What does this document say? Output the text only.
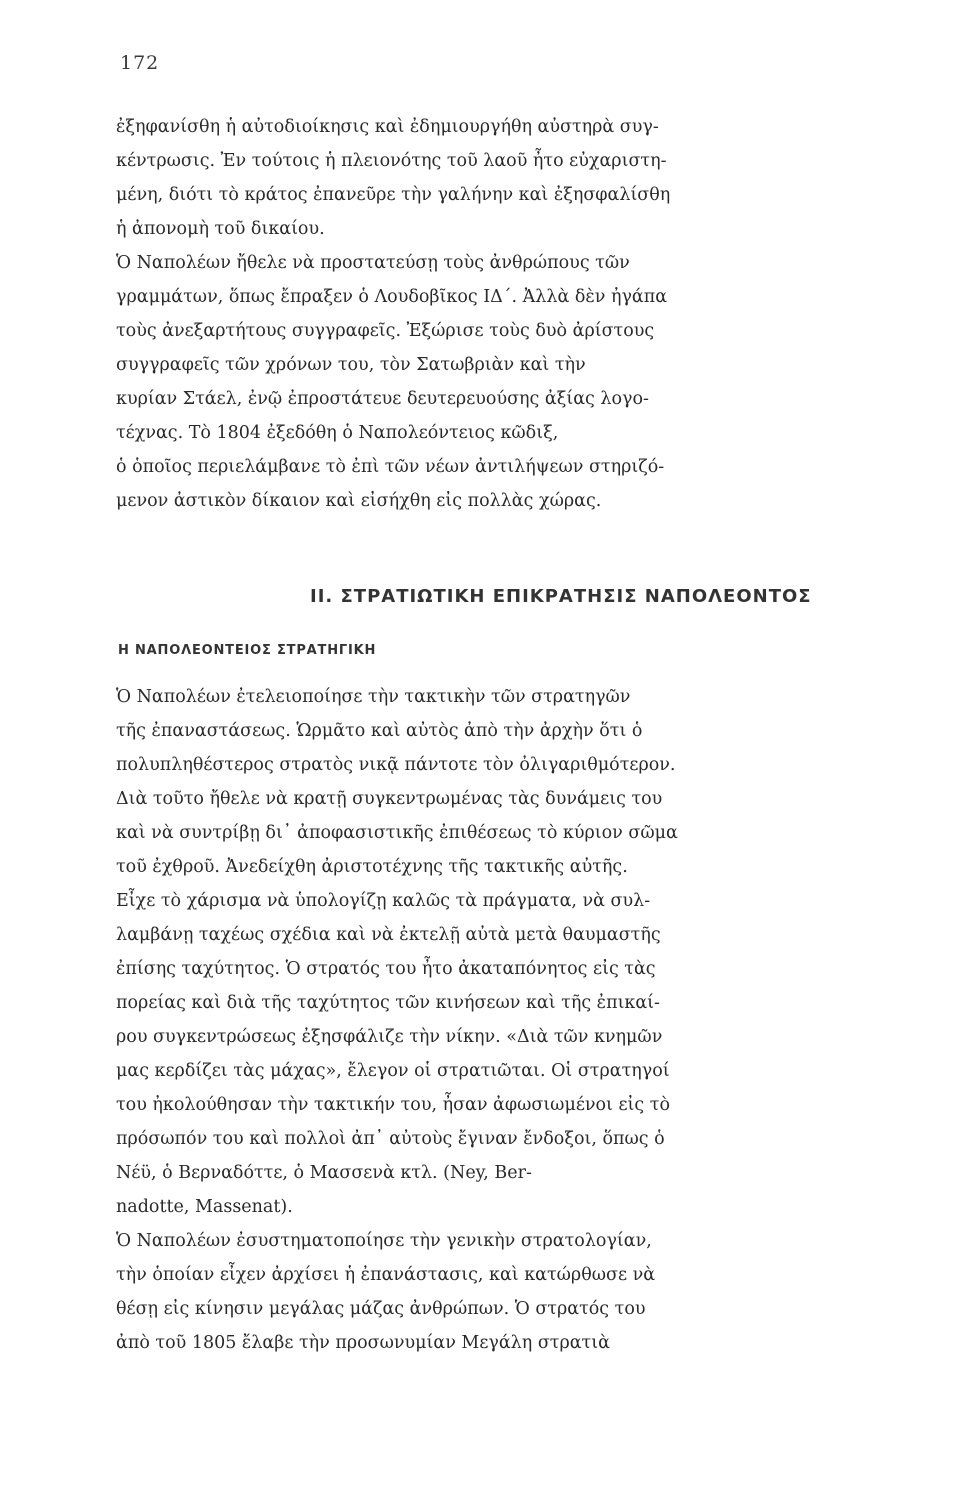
172
ἐξηφανίσθη ἡ αὐτοδιοίκησις καὶ ἐδημιουργήθη αὐστηρὰ συγ-
κέντρωσις. Ἐν τούτοις ἡ πλειονότης τοῦ λαοῦ ἦτο εὐχαριστη-
μένη, διότι τὸ κράτος ἐπανεῦρε τὴν γαλήνην καὶ ἐξησφαλίσθη
ἡ ἀπονομὴ τοῦ δικαίου.
Ὁ Ναπολέων ἤθελε νὰ προστατεύσῃ τοὺς ἀνθρώπους τῶν
γραμμάτων, ὅπως ἔπραξεν ὁ Λουδοβῖκος ΙΔ΄. Ἀλλὰ δὲν ἠγάπα
τοὺς ἀνεξαρτήτους συγγραφεῖς. Ἐξώρισε τοὺς δυὸ ἀρίστους
συγγραφεῖς τῶν χρόνων του, τὸν Σατωβριὰν καὶ τὴν
κυρίαν Στάελ, ἐνῷ ἐπροστάτευε δευτερευούσης ἀξίας λογο-
τέχνας. Τὸ 1804 ἐξεδόθη ὁ Ναπολεόντειος κῶδιξ,
ὁ ὁποῖος περιελάμβανε τὸ ἐπὶ τῶν νέων ἀντιλήψεων στηριζό-
μενον ἀστικὸν δίκαιον καὶ εἰσήχθη εἰς πολλὰς χώρας.
ΙΙ. ΣΤΡΑΤΙΩΤΙΚΗ ΕΠΙΚΡΑΤΗΣΙΣ ΝΑΠΟΛΕΟΝΤΟΣ
Η ΝΑΠΟΛΕΟΝΤΕΙΟΣ ΣΤΡΑΤΗΓΙΚΗ
Ὁ Ναπολέων ἐτελειοποίησε τὴν τακτικὴν τῶν στρατηγῶν
τῆς ἐπαναστάσεως. Ὡρμᾶτο καὶ αὐτὸς ἀπὸ τὴν ἀρχὴν ὅτι ὁ
πολυπληθέστερος στρατὸς νικᾷ πάντοτε τὸν ὀλιγαριθμότερον.
Διὰ τοῦτο ἤθελε νὰ κρατῇ συγκεντρωμένας τὰς δυνάμεις του
καὶ νὰ συντρίβῃ δι᾽ ἀποφασιστικῆς ἐπιθέσεως τὸ κύριον σῶμα
τοῦ ἐχθροῦ. Ἀνεδείχθη ἀριστοτέχνης τῆς τακτικῆς αὐτῆς.
Εἶχε τὸ χάρισμα νὰ ὑπολογίζῃ καλῶς τὰ πράγματα, νὰ συλ-
λαμβάνῃ ταχέως σχέδια καὶ νὰ ἐκτελῇ αὐτὰ μετὰ θαυμαστῆς
ἐπίσης ταχύτητος. Ὁ στρατός του ἦτο ἀκαταπόνητος εἰς τὰς
πορείας καὶ διὰ τῆς ταχύτητος τῶν κινήσεων καὶ τῆς ἐπικαί-
ρου συγκεντρώσεως ἐξησφάλιζε τὴν νίκην. «Διὰ τῶν κνημῶν
μας κερδίζει τὰς μάχας», ἔλεγον οἱ στρατιῶται. Οἱ στρατηγοί
του ἠκολούθησαν τὴν τακτικήν του, ἦσαν ἀφωσιωμένοι εἰς τὸ
πρόσωπόν του καὶ πολλοὶ ἀπ᾽ αὐτοὺς ἔγιναν ἔνδοξοι, ὅπως ὁ
Νέϋ, ὁ Βερναδόττε, ὁ Μασσενὰ κτλ. (Ney, Ber-
nadotte, Massenat).
Ὁ Ναπολέων ἐσυστηματοποίησε τὴν γενικὴν στρατολογίαν,
τὴν ὁποίαν εἶχεν ἀρχίσει ἡ ἐπανάστασις, καὶ κατώρθωσε νὰ
θέσῃ εἰς κίνησιν μεγάλας μάζας ἀνθρώπων. Ὁ στρατός του
ἀπὸ τοῦ 1805 ἔλαβε τὴν προσωνυμίαν Μεγάλη στρατιὰ
